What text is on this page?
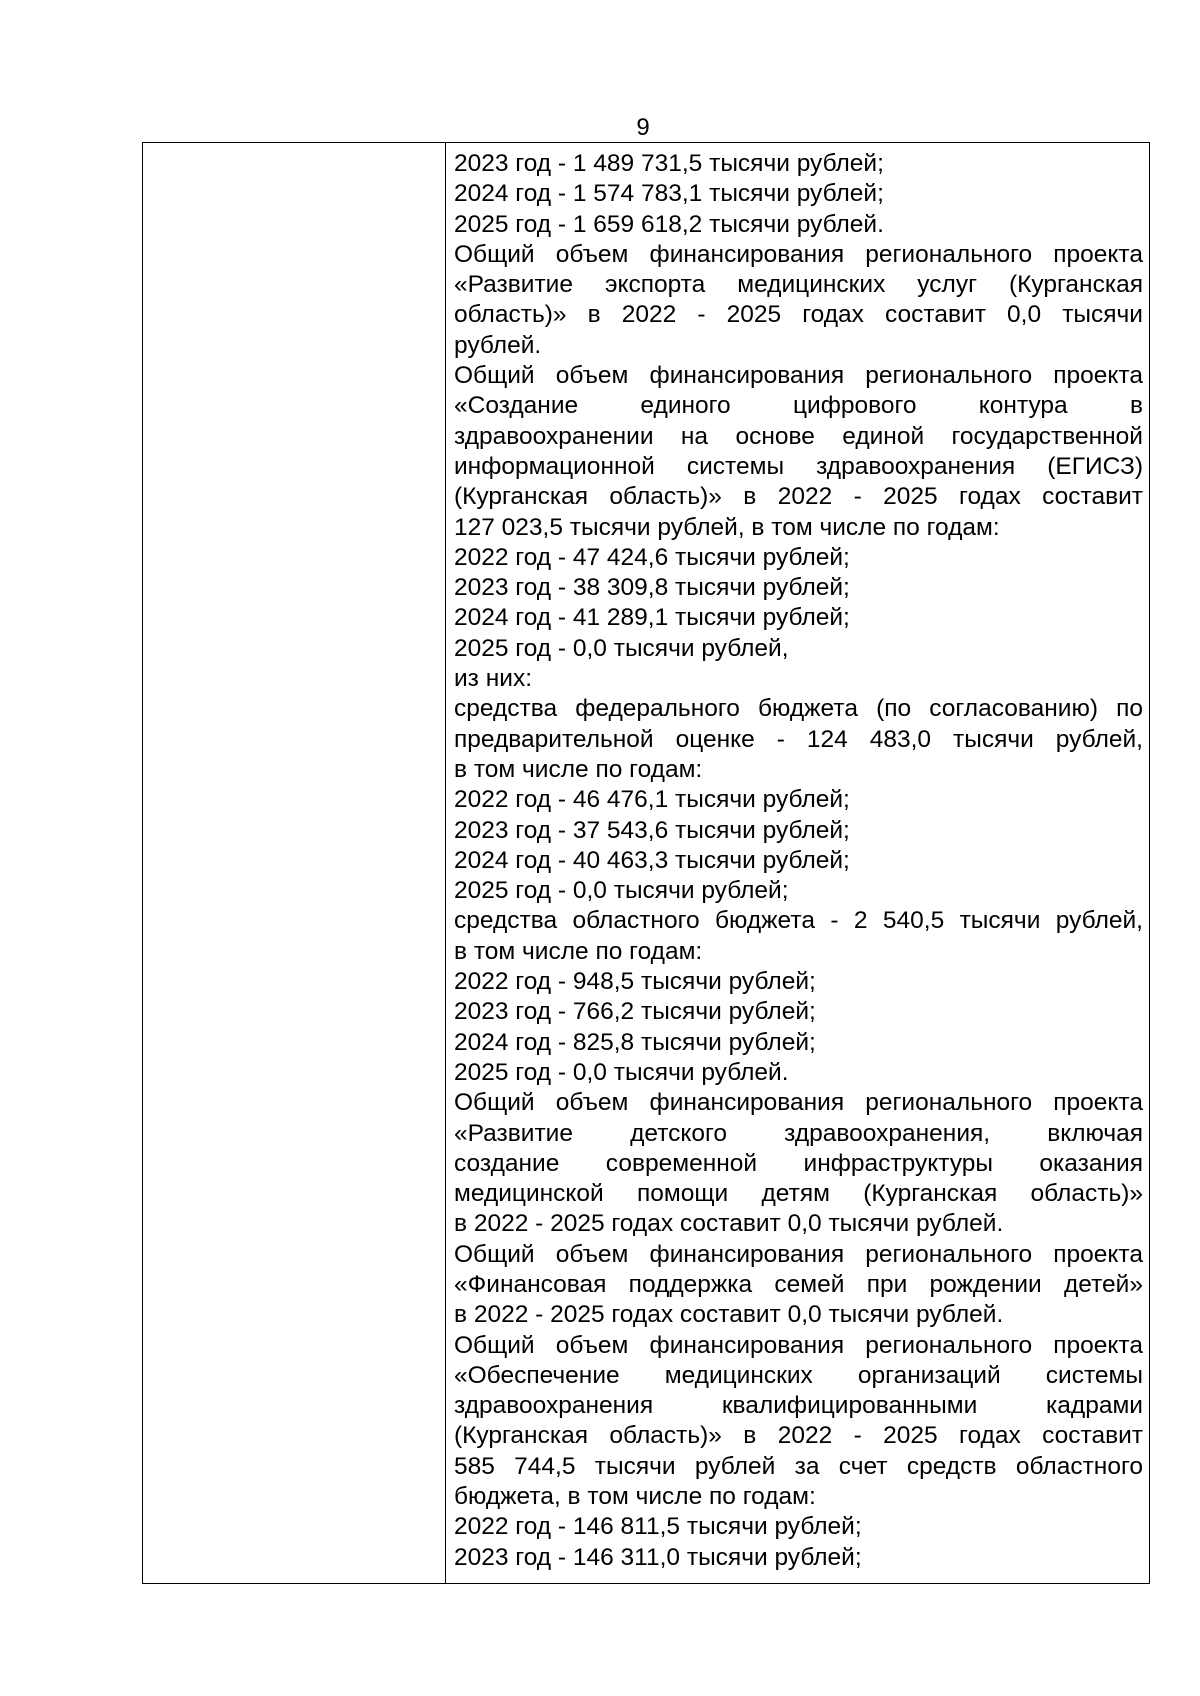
9
2023 год - 1 489 731,5 тысячи рублей;
2024 год - 1 574 783,1 тысячи рублей;
2025 год - 1 659 618,2 тысячи рублей.
Общий объем финансирования регионального проекта
«Развитие экспорта медицинских услуг (Курганская
область)» в 2022 - 2025 годах составит 0,0 тысячи
рублей.
Общий объем финансирования регионального проекта
«Создание единого цифрового контура в
здравоохранении на основе единой государственной
информационной системы здравоохранения (ЕГИСЗ)
(Курганская область)» в 2022 - 2025 годах составит
127 023,5 тысячи рублей, в том числе по годам:
2022 год - 47 424,6 тысячи рублей;
2023 год - 38 309,8 тысячи рублей;
2024 год - 41 289,1 тысячи рублей;
2025 год - 0,0 тысячи рублей,
из них:
средства федерального бюджета (по согласованию) по
предварительной оценке - 124 483,0 тысячи рублей,
в том числе по годам:
2022 год - 46 476,1 тысячи рублей;
2023 год - 37 543,6 тысячи рублей;
2024 год - 40 463,3 тысячи рублей;
2025 год - 0,0 тысячи рублей;
средства областного бюджета - 2 540,5 тысячи рублей,
в том числе по годам:
2022 год - 948,5 тысячи рублей;
2023 год - 766,2 тысячи рублей;
2024 год - 825,8 тысячи рублей;
2025 год - 0,0 тысячи рублей.
Общий объем финансирования регионального проекта
«Развитие детского здравоохранения, включая
создание современной инфраструктуры оказания
медицинской помощи детям (Курганская область)»
в 2022 - 2025 годах составит 0,0 тысячи рублей.
Общий объем финансирования регионального проекта
«Финансовая поддержка семей при рождении детей»
в 2022 - 2025 годах составит 0,0 тысячи рублей.
Общий объем финансирования регионального проекта
«Обеспечение медицинских организаций системы
здравоохранения квалифицированными кадрами
(Курганская область)» в 2022 - 2025 годах составит
585 744,5 тысячи рублей за счет средств областного
бюджета, в том числе по годам:
2022 год - 146 811,5 тысячи рублей;
2023 год - 146 311,0 тысячи рублей;
